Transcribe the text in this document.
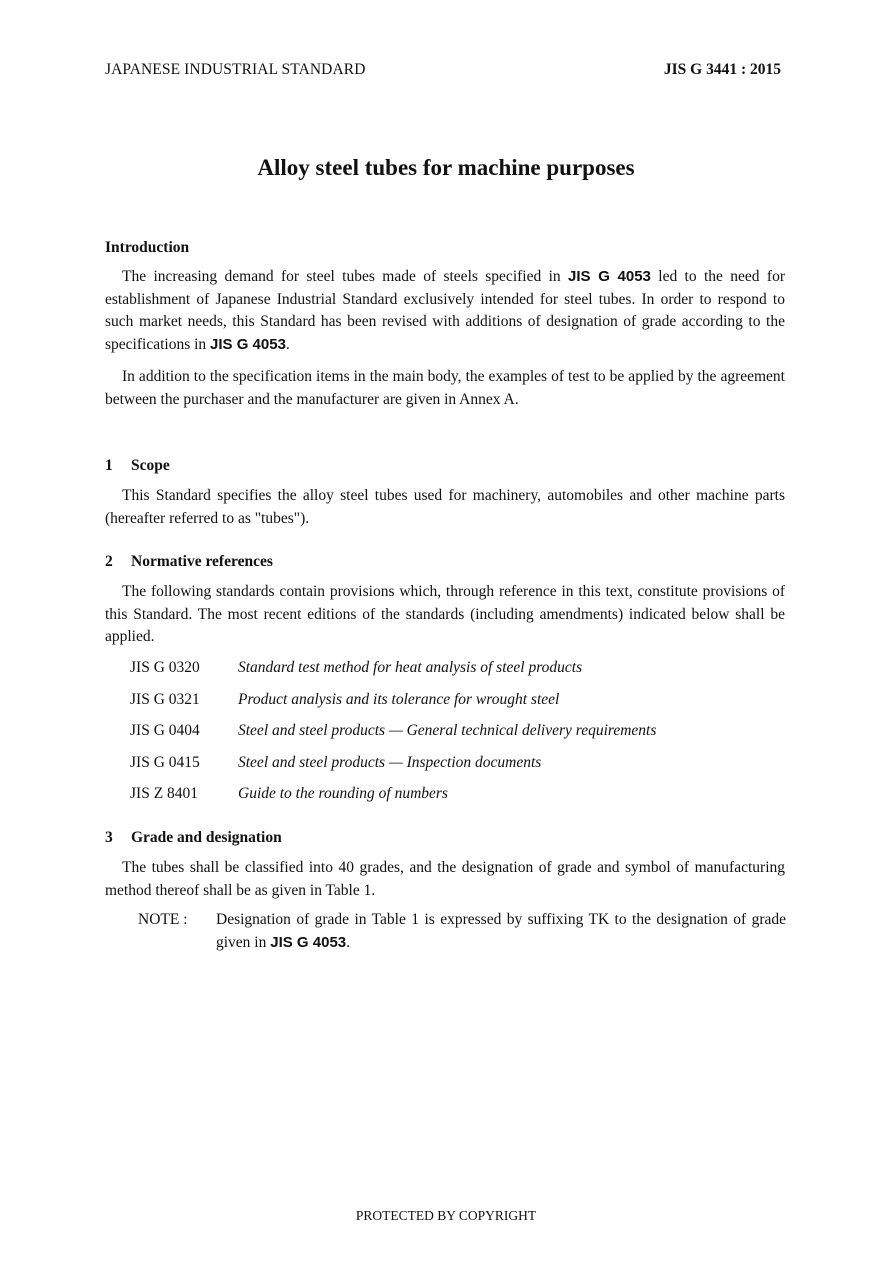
JAPANESE INDUSTRIAL STANDARD	JIS G 3441 : 2015
Alloy steel tubes for machine purposes
Introduction

The increasing demand for steel tubes made of steels specified in JIS G 4053 led to the need for establishment of Japanese Industrial Standard exclusively intended for steel tubes. In order to respond to such market needs, this Standard has been revised with additions of designation of grade according to the specifications in JIS G 4053.

In addition to the specification items in the main body, the examples of test to be applied by the agreement between the purchaser and the manufacturer are given in Annex A.

1 Scope

This Standard specifies the alloy steel tubes used for machinery, automobiles and other machine parts (hereafter referred to as "tubes").

2 Normative references

The following standards contain provisions which, through reference in this text, constitute provisions of this Standard. The most recent editions of the standards (including amendments) indicated below shall be applied.

JIS G 0320	Standard test method for heat analysis of steel products
JIS G 0321	Product analysis and its tolerance for wrought steel
JIS G 0404	Steel and steel products — General technical delivery requirements
JIS G 0415	Steel and steel products — Inspection documents
JIS Z 8401	Guide to the rounding of numbers
3 Grade and designation

The tubes shall be classified into 40 grades, and the designation of grade and symbol of manufacturing method thereof shall be as given in Table 1.

NOTE :	Designation of grade in Table 1 is expressed by suffixing TK to the designation of grade given in JIS G 4053.
PROTECTED BY COPYRIGHT
